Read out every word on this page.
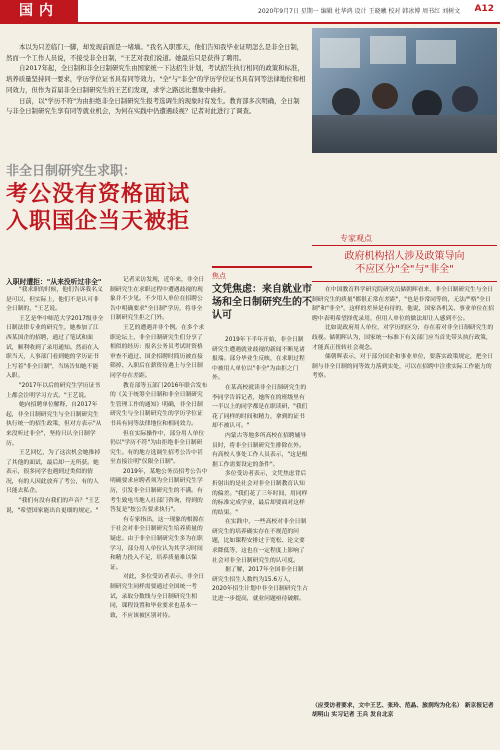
国内	2020年9月7日 星期一 编辑 杜华鸿 设计 王晓曦 校对 韩冰博 周书红 刘树文 A12

本以为只差临门一脚，却发现前面是一堵墙。"我名入职那天，他们告知我毕业证明怎么是非全日制，然而一个工作人员说，不接受非全日制，"王艺对我们说道。她最后只是获得了聘用。

自2017年起，全日制和非全日制研究生由国家统一下达招生计划，考试招生执行相同的政策和标准，培养质量坚持同一要求，学历学位证书具有同等效力。"全"与"非全"的学历学位证书具有同等法律地位和相同效力，但作为首届非全日制研究生的王艺们发现，求学之路远比想象中曲折。

日前，以"学历不符"为由拒绝非全日制研究生报考选调生的现象时有发生。教育部多次明确，全日制与非全日制研究生享有同等就业机会，为何在实践中仍遭遇歧视？记者对此进行了调查。

非全日制研究生求职：

考公没有资格面试
入职国企当天被拒

专家观点
政府机构招人涉及政策导向
不应区分"全"与"非全"

入职时遭拒："从来没听过非全"

"我求职的时候，他们告诉我名义是可以，但实际上，他们不是认可非全日制的，"王艺说。

王艺是华中师范大学2017级非全日制法律专业的研究生，她参加了江西某国企的招聘，通过了笔试和面试，顺利收到了录用通知。然而在入职当天，人事部门看到她的学历证书上写着"非全日制"，当场告知她不能入职。

"2017年以后的研究生学历证书上都会注明学习方式。"王艺说。

她向招聘单位解释，自2017年起，非全日制研究生与全日制研究生执行统一的招生政策，但对方表示"从来没听过非全"，坚持只认全日制学历。

王艺回忆，为了这次机会她推掉了其他的面试，最后却一无所获。她表示，很多同学也遇到过类似的情况，有的人因此放弃了考公，有的人只能去私企。

"我们有没有我们的声音？"王艺说，"希望国家能出台更细的规定。"

记者采访发现，近年来，非全日制研究生在求职过程中遭遇歧视的现象并不少见。不少用人单位在招聘公告中明确要求"全日制"学历，将非全日制研究生拒之门外。

王艺的遭遇并非个例。在多个求职论坛上，非全日制研究生们分享了相似的经历：报名公务员考试时资格审查不通过、国企招聘时简历被直接筛掉、入职后在薪资待遇上与全日制同学存在差距。

教育部等五部门2016年联合发布的《关于统筹全日制和非全日制研究生管理工作的通知》明确，非全日制研究生与全日制研究生的学历学位证书具有同等法律地位和相同效力。

但在实际操作中，部分用人单位仍以"学历不符"为由拒绝非全日制研究生。有的地方选调生招考公告中甚至直接注明"仅限全日制"。

2019年，某地公务员招考公告中明确要求应聘者须为全日制研究生学历，引发非全日制研究生的不满。有考生致电当地人社部门咨询，得到的答复是"按公告要求执行"。

有专家指出，这一现象的根源在于社会对非全日制研究生培养质量的疑虑。由于非全日制研究生多为在职学习，部分用人单位认为其学习时间和精力投入不足，培养质量难以保证。

对此，多位受访者表示，非全日制研究生同样需要通过全国统一考试，录取分数线与全日制研究生相同，课程设置和毕业要求也基本一致，不应该被区别对待。

焦点

文凭焦虑：来自就业市场和全日制研究生的不认可

2019年下半年开始，非全日制研究生遭遇就业歧视的新闻不断见诸报端。部分毕业生反映，在求职过程中被用人单位以"非全"为由拒之门外。

在某高校就读非全日制研究生的李同学告诉记者，她所在的班级里有一半以上的同学都是在职读研，"我们花了同样的时间和精力，拿到的证书却不被认可。"

内蒙古等地多所高校在招聘辅导员时，将非全日制研究生排除在外。有高校人事处工作人员表示，"这是根据工作需要设定的条件"。

多位受访者表示，文凭焦虑背后折射出的是社会对非全日制教育认知的偏差。"我们花了三年时间，用同样的标准完成学业，最后却要面对这样的结果。"

在实践中，一些高校对非全日制研究生的培养确实存在不规范的问题，比如课程安排过于宽松、论文要求降低等，这也在一定程度上影响了社会对非全日制研究生的认可度。

据了解，2017年全国非全日制研究生招生人数约为15.6万人，2020年招生计划中非全日制研究生占比进一步提高，就业问题亟待破解。

在中国教育科学研究院研究员储朝晖看来，非全日制研究生与全日制研究生的质量"都很正常在差距"，"也是非常同等的，无法严格"全日制"和"非全"，这样的差异是有待的，他说，国家各机关、事业单位在招聘中表明希望择优录用，但用人单位的做法却让人感到不公。

比如说政府用人单位，对学历的区分，存在着对非全日制研究生的歧视。储朝晖认为，国家统一标准下有关部门应当首先带头执行政策，才能真正扭转社会观念。

储朝晖表示，对于部分国企和事业单位，要落实政策规定，把全日制与非全日制的同等效力落到实处，可以在招聘中注重实际工作能力的考察。

（应受访者要求，文中王艺、张玲、范晶、旅润均为化名） 新京报记者 胡明山 实习记者 王兵 发自北京
